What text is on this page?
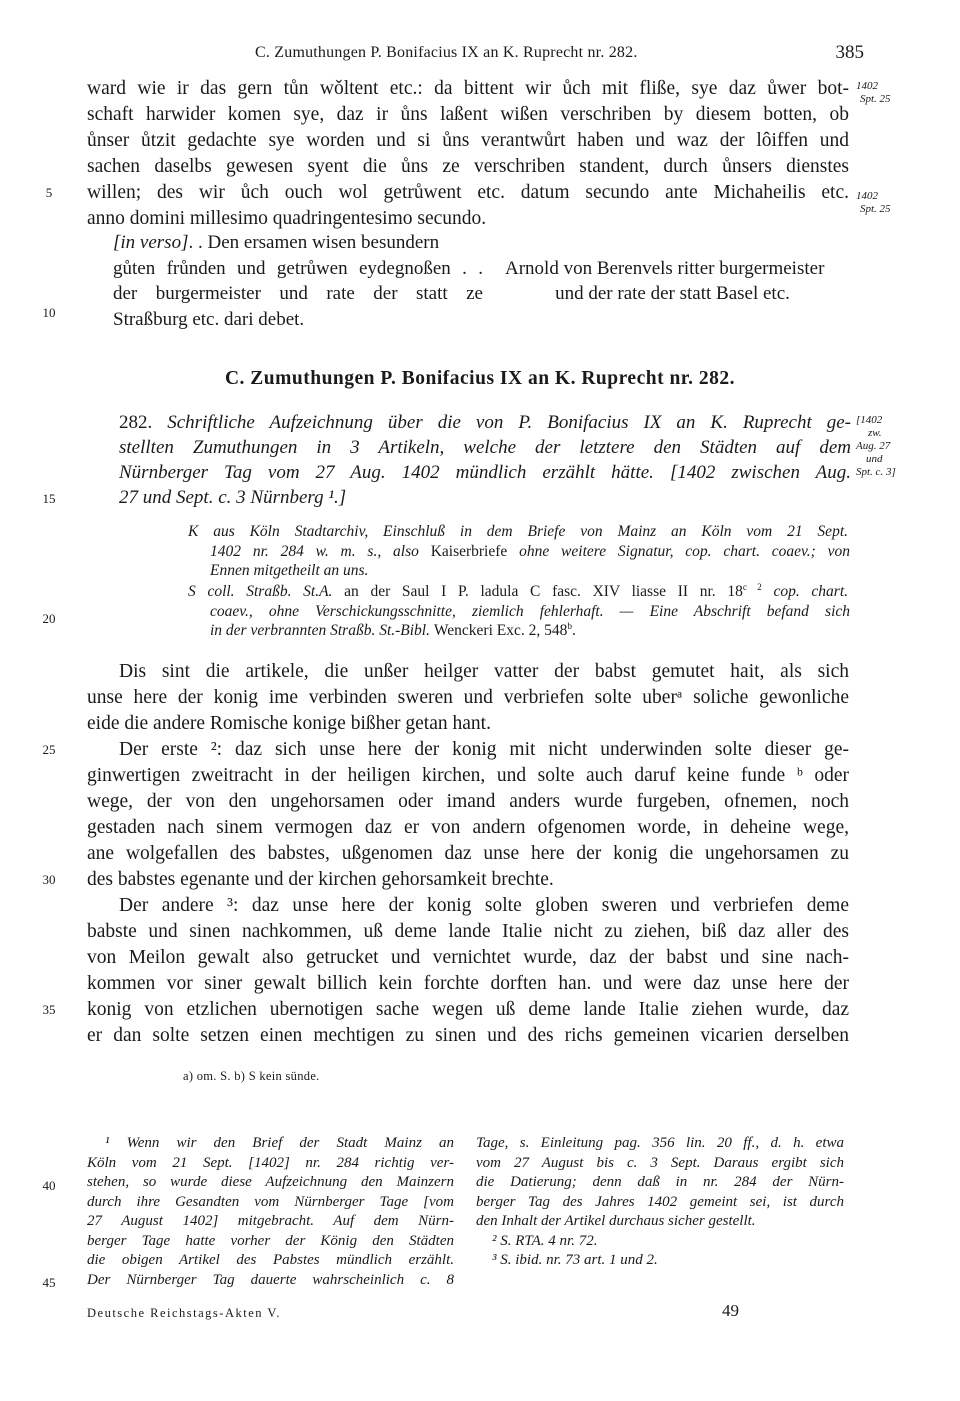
C. Zumuthungen P. Bonifacius IX an K. Ruprecht nr. 282.	385
ward wie ir das gern tůn wǒltent etc.: da bittent wir ůch mit fliße, sye daz ůwer bot-
schaft harwider komen sye, daz ir ůns laßent wißen verschriben by diesem botten, ob
ůnser ůtzit gedachte sye worden und si ůns verantwůrt haben und waz der lôiffen und
sachen daselbs gewesen syent die ůns ze verschriben standent, durch ůnsers dienstes
willen; des wir ůch ouch wol getrůwent etc. datum secundo ante Michaheilis etc.
anno domini millesimo quadringentesimo secundo.
1402
Spt. 25
1402
Spt. 25
[in verso]. . Den ersamen wisen besundern
gůten frůnden und getrůwen eydegnoßen . .
der burgermeister und rate der statt ze
Straßburg etc. dari debet.
Arnold von Berenvels ritter burgermeister
und der rate der statt Basel etc.
C. Zumuthungen P. Bonifacius IX an K. Ruprecht nr. 282.
282. Schriftliche Aufzeichnung über die von P. Bonifacius IX an K. Ruprecht ge-
stellten Zumuthungen in 3 Artikeln, welche der letztere den Städten auf dem
Nürnberger Tag vom 27 Aug. 1402 mündlich erzählt hätte. [1402 zwischen Aug.
27 und Sept. c. 3 Nürnberg ¹.]
[1402
zw.
Aug. 27
und
Spt. c. 3]
K aus Köln Stadtarchiv, Einschluß in dem Briefe von Mainz an Köln vom 21 Sept.
1402 nr. 284 w. m. s., also Kaiserbriefe ohne weitere Signatur, cop. chart. coaev.; von
Ennen mitgetheilt an uns.
S coll. Straßb. St.A. an der Saul I P. ladula C fasc. XIV liasse II nr. $18^{c 2}$ cop. chart.
coaev., ohne Verschickungsschnitte, ziemlich fehlerhaft. — Eine Abschrift befand sich
in der verbrannten Straßb. St.-Bibl. Wenckeri Exc. 2, 548$^b$.
Dis sint die artikele, die unßer heilger vatter der babst gemutet hait, als sich
unse here der konig ime verbinden sweren und verbriefen solte uberᵃ soliche gewonliche
eide die andere Romische konige bißher getan hant.
Der erste ²: daz sich unse here der konig mit nicht underwinden solte dieser ge-
ginwertigen zweitracht in der heiligen kirchen, und solte auch daruf keine funde ᵇ oder
wege, der von den ungehorsamen oder imand anders wurde furgeben, ofnemen, noch
gestaden nach sinem vermogen daz er von andern ofgenomen worde, in deheine wege,
ane wolgefallen des babstes, ußgenomen daz unse here der konig die ungehorsamen zu
des babstes egenante und der kirchen gehorsamkeit brechte.
Der andere ³: daz unse here der konig solte globen sweren und verbriefen deme
babste und sinen nachkommen, uß deme lande Italie nicht zu ziehen, biß daz aller des
von Meilon gewalt also getrucket und vernichtet wurde, daz der babst und sine nach-
kommen vor siner gewalt billich kein forchte dorften han. und were daz unse here der
konig von etzlichen ubernotigen sache wegen uß deme lande Italie ziehen wurde, daz
er dan solte setzen einen mechtigen zu sinen und des richs gemeinen vicarien derselben
a) om. S. b) S kein sünde.
¹ Wenn wir den Brief der Stadt Mainz an
Köln vom 21 Sept. [1402] nr. 284 richtig ver-
stehen, so wurde diese Aufzeichnung den Mainzern
durch ihre Gesandten vom Nürnberger Tage [vom
27 August 1402] mitgebracht. Auf dem Nürn-
berger Tage hatte vorher der König den Städten
die obigen Artikel des Pabstes mündlich erzählt.
Der Nürnberger Tag dauerte wahrscheinlich c. 8
Tage, s. Einleitung pag. 356 lin. 20 ff., d. h. etwa
vom 27 August bis c. 3 Sept. Daraus ergibt sich
die Datierung; denn daß in nr. 284 der Nürn-
berger Tag des Jahres 1402 gemeint sei, ist durch
den Inhalt der Artikel durchaus sicher gestellt.
² S. RTA. 4 nr. 72.
³ S. ibid. nr. 73 art. 1 und 2.
5
10
15
20
25
30
35
40
45
Deutsche Reichstags-Akten V.	49
